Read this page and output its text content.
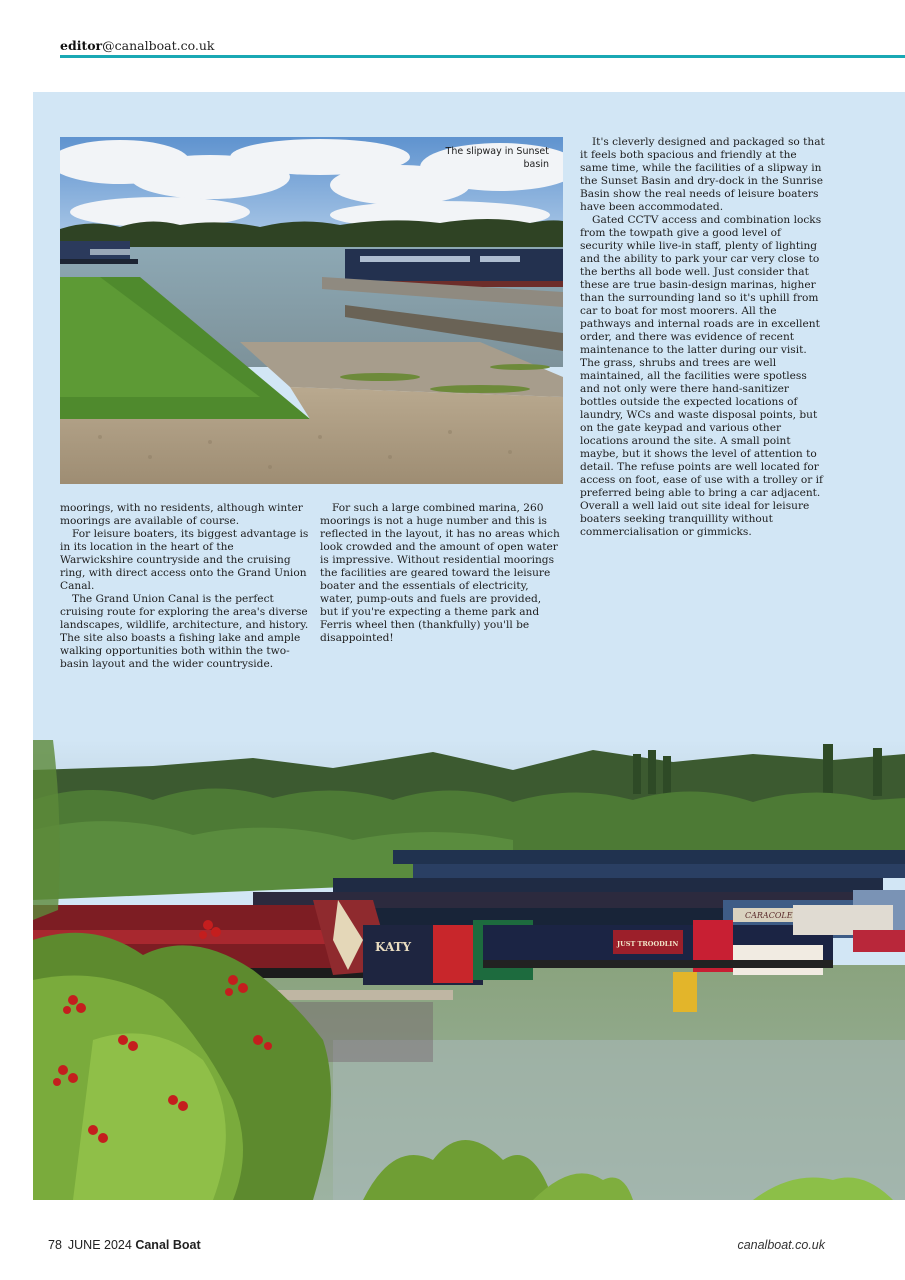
editor@canalboat.co.uk
The slipway in Sunset basin

moorings, with no residents, although winter moorings are available of course.

For leisure boaters, its biggest advantage is in its location in the heart of the Warwickshire countryside and the cruising ring, with direct access onto the Grand Union Canal.

The Grand Union Canal is the perfect cruising route for exploring the area's diverse landscapes, wildlife, architecture, and history. The site also boasts a fishing lake and ample walking opportunities both within the two-basin layout and the wider countryside.

For such a large combined marina, 260 moorings is not a huge number and this is reflected in the layout, it has no areas which look crowded and the amount of open water is impressive. Without residential moorings the facilities are geared toward the leisure boater and the essentials of electricity, water, pump-outs and fuels are provided, but if you're expecting a theme park and Ferris wheel then (thankfully) you'll be disappointed!

It's cleverly designed and packaged so that it feels both spacious and friendly at the same time, while the facilities of a slipway in the Sunset Basin and dry-dock in the Sunrise Basin show the real needs of leisure boaters have been accommodated.

Gated CCTV access and combination locks from the towpath give a good level of security while live-in staff, plenty of lighting and the ability to park your car very close to the berths all bode well. Just consider that these are true basin-design marinas, higher than the surrounding land so it's uphill from car to boat for most moorers. All the pathways and internal roads are in excellent order, and there was evidence of recent maintenance to the latter during our visit. The grass, shrubs and trees are well maintained, all the facilities were spotless and not only were there hand-sanitizer bottles outside the expected locations of laundry, WCs and waste disposal points, but on the gate keypad and various other locations around the site. A small point maybe, but it shows the level of attention to detail. The refuse points are well located for access on foot, ease of use with a trolley or if preferred being able to bring a car adjacent. Overall a well laid out site ideal for leisure boaters seeking tranquillity without commercialisation or gimmicks.

KATY	JUST TROODLIN
CARACOLE
78 JUNE 2024 Canal Boat	canalboat.co.uk
